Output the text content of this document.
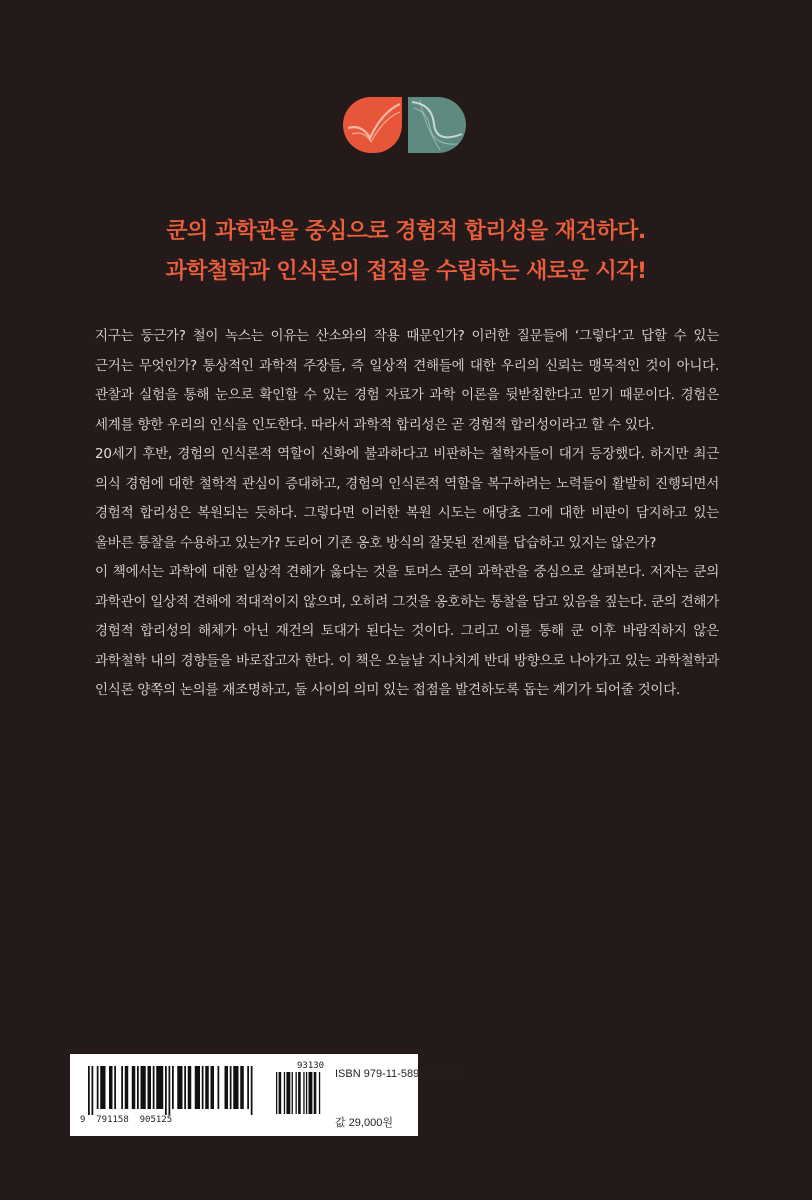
쿤의 과학관을 중심으로 경험적 합리성을 재건하다.
과학철학과 인식론의 접점을 수립하는 새로운 시각!

지구는 둥근가? 철이 녹스는 이유는 산소와의 작용 때문인가? 이러한 질문들에 ‘그렇다’고 답할 수 있는 근거는 무엇인가? 통상적인 과학적 주장들, 즉 일상적 견해들에 대한 우리의 신뢰는 맹목적인 것이 아니다. 관찰과 실험을 통해 눈으로 확인할 수 있는 경험 자료가 과학 이론을 뒷받침한다고 믿기 때문이다. 경험은 세계를 향한 우리의 인식을 인도한다. 따라서 과학적 합리성은 곧 경험적 합리성이라고 할 수 있다.

20세기 후반, 경험의 인식론적 역할이 신화에 불과하다고 비판하는 철학자들이 대거 등장했다. 하지만 최근 의식 경험에 대한 철학적 관심이 증대하고, 경험의 인식론적 역할을 복구하려는 노력들이 활발히 진행되면서 경험적 합리성은 복원되는 듯하다. 그렇다면 이러한 복원 시도는 애당초 그에 대한 비판이 담지하고 있는 올바른 통찰을 수용하고 있는가? 도리어 기존 옹호 방식의 잘못된 전제를 답습하고 있지는 않은가?

이 책에서는 과학에 대한 일상적 견해가 옳다는 것을 토머스 쿤의 과학관을 중심으로 살펴본다. 저자는 쿤의 과학관이 일상적 견해에 적대적이지 않으며, 오히려 그것을 옹호하는 통찰을 담고 있음을 짚는다. 쿤의 견해가 경험적 합리성의 해체가 아닌 재건의 토대가 된다는 것이다. 그리고 이를 통해 쿤 이후 바람직하지 않은 과학철학 내의 경향들을 바로잡고자 한다. 이 책은 오늘날 지나치게 반대 방향으로 나아가고 있는 과학철학과 인식론 양쪽의 논의를 재조명하고, 둘 사이의 의미 있는 접점을 발견하도록 돕는 계기가 되어줄 것이다.

9  791158  905125
93130
ISBN 979-11-5890-512-5
값 29,000원
